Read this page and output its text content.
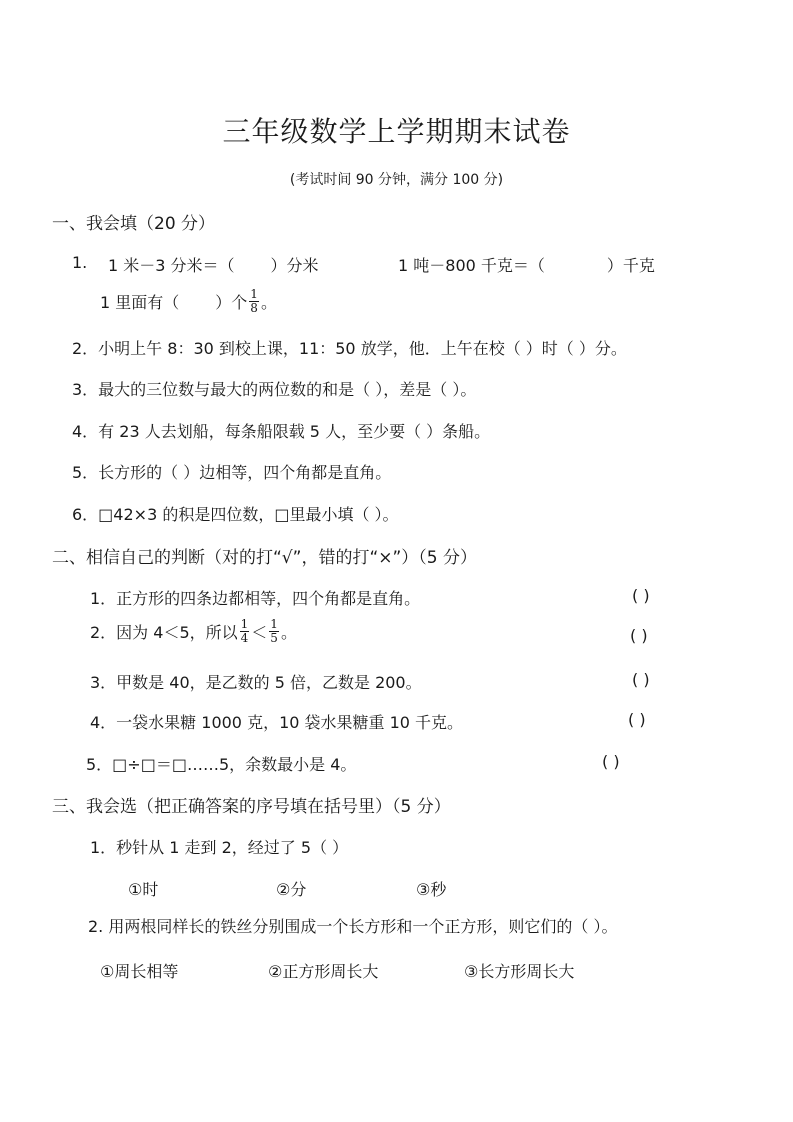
三年级数学上学期期末试卷
(考试时间 90 分钟，满分 100 分)
一、我会填（20 分）
1. 1 米－3 分米＝（ ）分米	1 吨－800 千克＝（	）千克
1 里面有（ ）个 $\frac{1}{8}$ 。
2．小明上午 8：30 到校上课，11：50 放学，他．上午在校（ ）时（ ）分。
3．最大的三位数与最大的两位数的和是（ ），差是（ ）。
4．有 23 人去划船，每条船限载 5 人，至少要（ ）条船。
5．长方形的（ ）边相等，四个角都是直角。
6．□42×3 的积是四位数，□里最小填（ ）。
二、相信自己的判断（对的打“√”，错的打“×”）（5 分）
1．正方形的四条边都相等，四个角都是直角。	( )
2．因为 4＜5，所以 $\frac{1}{4} < \frac{1}{5}$ 。	( )
3．甲数是 40，是乙数的 5 倍，乙数是 200。	( )
4．一袋水果糖 1000 克，10 袋水果糖重 10 千克。	( )
5．□÷□＝□……5，余数最小是 4。	( )
三、我会选（把正确答案的序号填在括号里）（5 分）
1．秒针从 1 走到 2，经过了 5（ ）
①时	②分	③秒
2. 用两根同样长的铁丝分别围成一个长方形和一个正方形，则它们的（ ）。
①周长相等	②正方形周长大	③长方形周长大
